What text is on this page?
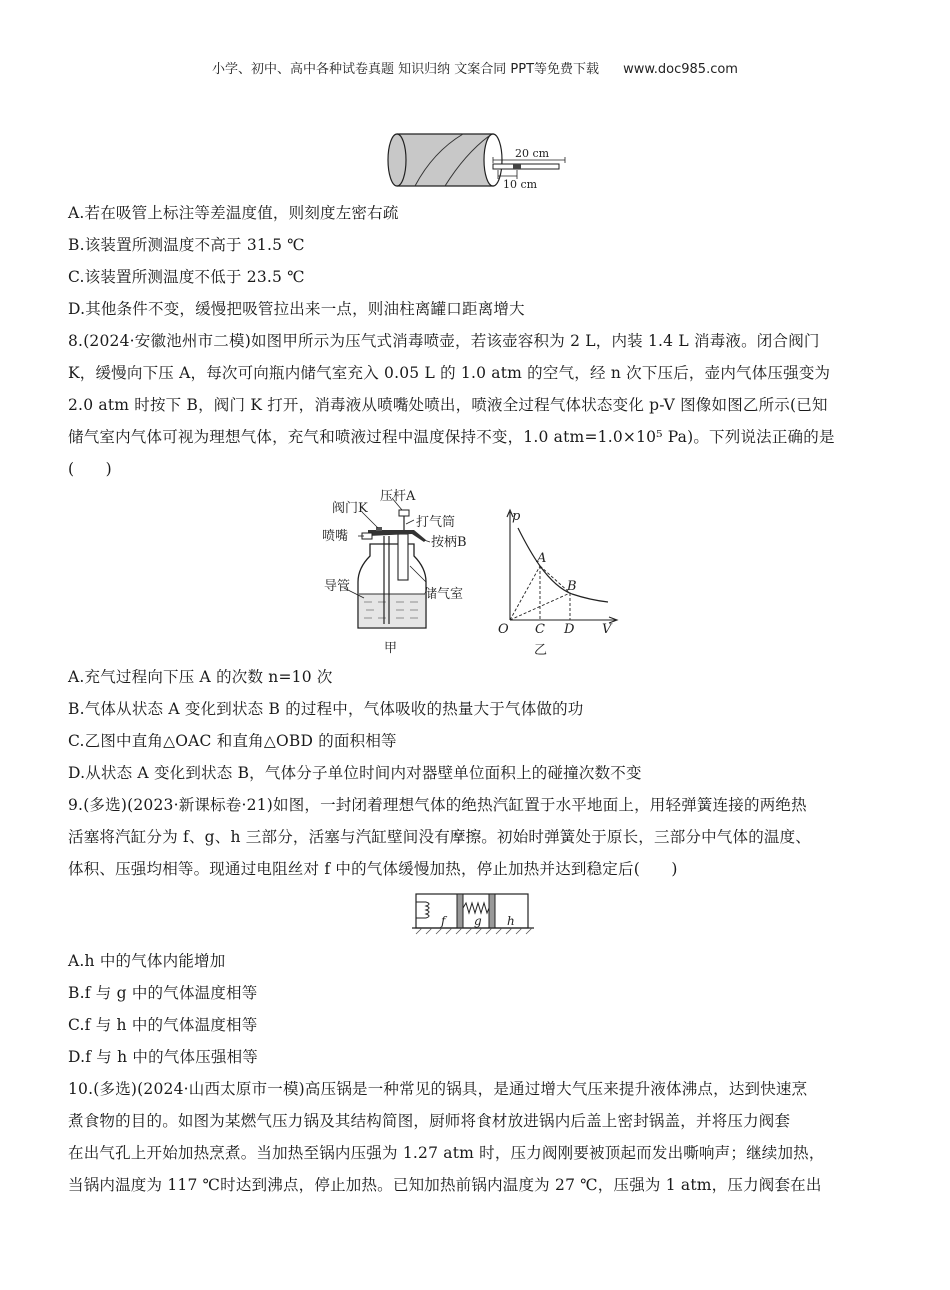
小学、初中、高中各种试卷真题 知识归纳 文案合同 PPT等免费下载 www.doc985.com
20 cm
10 cm
A.若在吸管上标注等差温度值，则刻度左密右疏
B.该装置所测温度不高于 31.5 ℃
C.该装置所测温度不低于 23.5 ℃
D.其他条件不变，缓慢把吸管拉出来一点，则油柱离罐口距离增大
8.(2024·安徽池州市二模)如图甲所示为压气式消毒喷壶，若该壶容积为 2 L，内装 1.4 L 消毒液。闭合阀门
K，缓慢向下压 A，每次可向瓶内储气室充入 0.05 L 的 1.0 atm 的空气，经 n 次下压后，壶内气体压强变为
2.0 atm 时按下 B，阀门 K 打开，消毒液从喷嘴处喷出，喷液全过程气体状态变化 p-V 图像如图乙所示(已知
储气室内气体可视为理想气体，充气和喷液过程中温度保持不变，1.0 atm=1.0×10⁵ Pa)。下列说法正确的是
(　　)
阀门K
压杆A
打气筒
喷嘴	按柄B
导管
储气室
甲
p
A
B
O C D V
乙
A.充气过程向下压 A 的次数 n=10 次
B.气体从状态 A 变化到状态 B 的过程中，气体吸收的热量大于气体做的功
C.乙图中直角△OAC 和直角△OBD 的面积相等
D.从状态 A 变化到状态 B，气体分子单位时间内对器壁单位面积上的碰撞次数不变
9.(多选)(2023·新课标卷·21)如图，一封闭着理想气体的绝热汽缸置于水平地面上，用轻弹簧连接的两绝热
活塞将汽缸分为 f、g、h 三部分，活塞与汽缸壁间没有摩擦。初始时弹簧处于原长，三部分中气体的温度、
体积、压强均相等。现通过电阻丝对 f 中的气体缓慢加热，停止加热并达到稳定后(　　)
f g h
A.h 中的气体内能增加
B.f 与 g 中的气体温度相等
C.f 与 h 中的气体温度相等
D.f 与 h 中的气体压强相等
10.(多选)(2024·山西太原市一模)高压锅是一种常见的锅具，是通过增大气压来提升液体沸点，达到快速烹
煮食物的目的。如图为某燃气压力锅及其结构简图，厨师将食材放进锅内后盖上密封锅盖，并将压力阀套
在出气孔上开始加热烹煮。当加热至锅内压强为 1.27 atm 时，压力阀刚要被顶起而发出嘶响声；继续加热，
当锅内温度为 117 ℃时达到沸点，停止加热。已知加热前锅内温度为 27 ℃，压强为 1 atm，压力阀套在出
